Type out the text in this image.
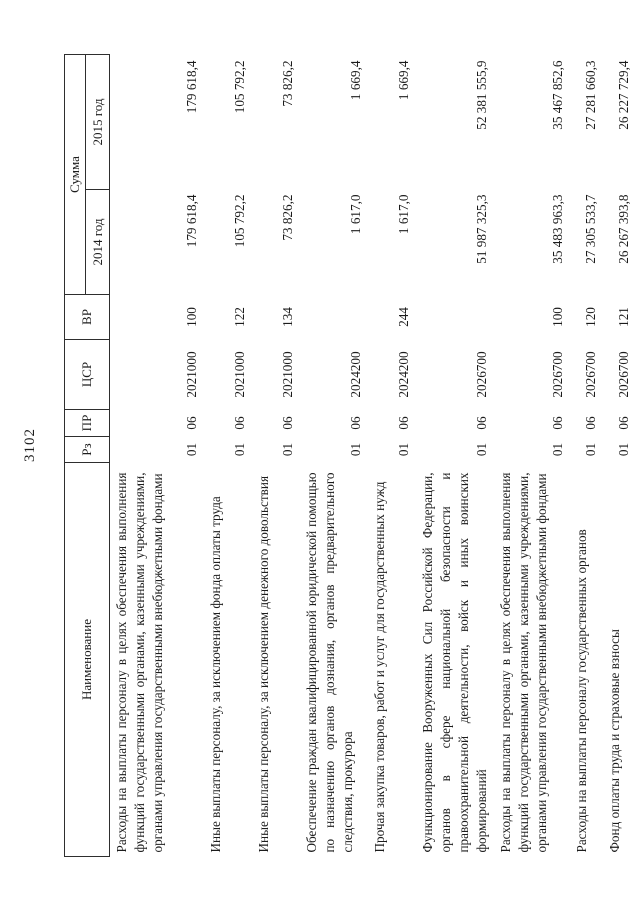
3102
Наименование	Рз	ПР	ЦСР	ВР	Сумма	
					2014 год	2015 год
Расходы на выплаты персоналу в целях обеспечения выполнения функций государственными органами, казенными учреждениями, органами управления государственными внебюджетными фондами	01	06	2021000	100	179 618,4	179 618,4
Иные выплаты персоналу, за исключением фонда оплаты труда	01	06	2021000	122	105 792,2	105 792,2
Иные выплаты персоналу, за исключением денежного довольствия	01	06	2021000	134	73 826,2	73 826,2
Обеспечение граждан квалифицированной юридической помощью по назначению органов дознания, органов предварительного следствия, прокурора	01	06	2024200		1 617,0	1 669,4
Прочая закупка товаров, работ и услуг для государственных нужд	01	06	2024200	244	1 617,0	1 669,4
Функционирование Вооруженных Сил Российской Федерации, органов в сфере национальной безопасности и правоохранительной деятельности, войск и иных воинских формирований	01	06	2026700		51 987 325,3	52 381 555,9
Расходы на выплаты персоналу в целях обеспечения выполнения функций государственными органами, казенными учреждениями, органами управления государственными внебюджетными фондами	01	06	2026700	100	35 483 963,3	35 467 852,6
Расходы на выплаты персоналу государственных органов	01	06	2026700	120	27 305 533,7	27 281 660,3
Фонд оплаты труда и страховые взносы	01	06	2026700	121	26 267 393,8	26 227 729,4
